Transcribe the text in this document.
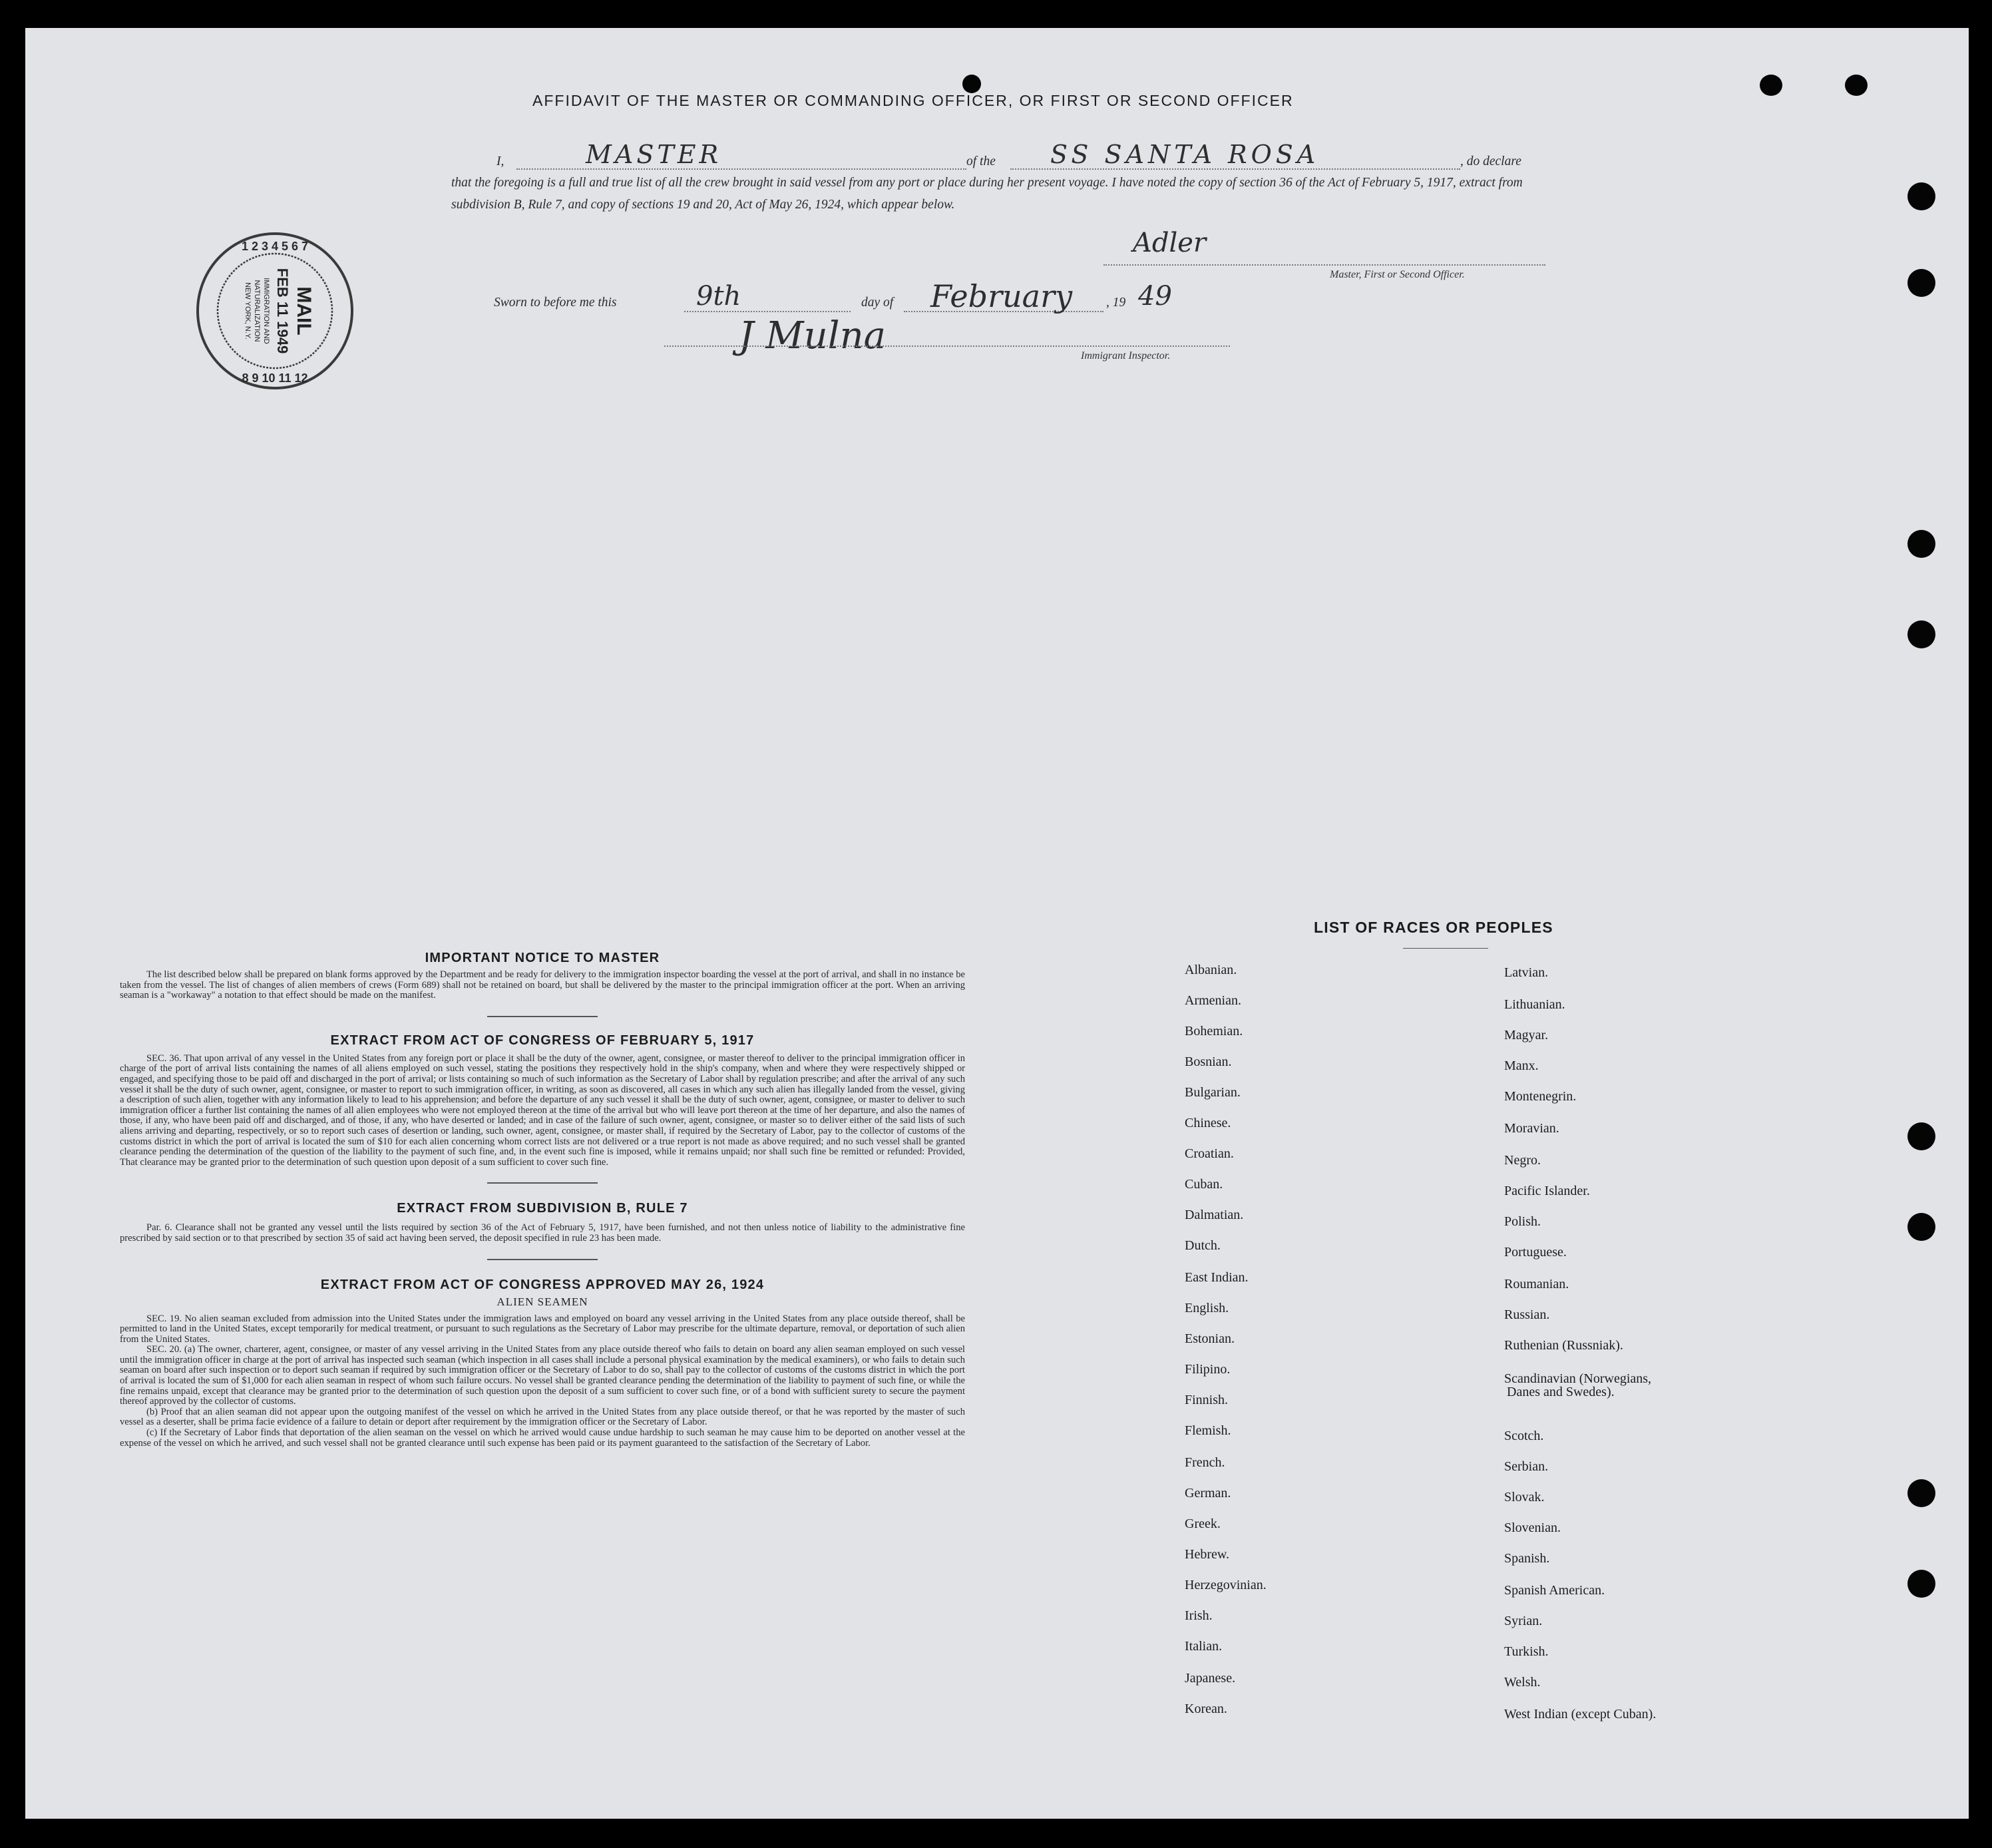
AFFIDAVIT OF THE MASTER OR COMMANDING OFFICER, OR FIRST OR SECOND OFFICER
I,	MASTER	of the SS SANTA ROSA	, do declare
that the foregoing is a full and true list of all the crew brought in said vessel from any port or place during her present voyage. I have noted the copy of section 36 of the Act of February 5, 1917, extract from subdivision B, Rule 7, and copy of sections 19 and 20, Act of May 26, 1924, which appear below.
Adler
Master, First or Second Officer.
Sworn to before me this	9th	day of February	, 19 49
J Mulna	Immigrant Inspector.
1 2 3 4 5 6 7
8 9 10 11 12
MAIL
FEB 11 1949
IMMIGRATION AND
NATURALIZATION
NEW YORK, N.Y.
IMPORTANT NOTICE TO MASTER

The list described below shall be prepared on blank forms approved by the Department and be ready for delivery to the immigration inspector boarding the vessel at the port of arrival, and shall in no instance be taken from the vessel. The list of changes of alien members of crews (Form 689) shall not be retained on board, but shall be delivered by the master to the principal immigration officer at the port. When an arriving seaman is a "workaway" a notation to that effect should be made on the manifest.

EXTRACT FROM ACT OF CONGRESS OF FEBRUARY 5, 1917

SEC. 36. That upon arrival of any vessel in the United States from any foreign port or place it shall be the duty of the owner, agent, consignee, or master thereof to deliver to the principal immigration officer in charge of the port of arrival lists containing the names of all aliens employed on such vessel, stating the positions they respectively hold in the ship's company, when and where they were respectively shipped or engaged, and specifying those to be paid off and discharged in the port of arrival; or lists containing so much of such information as the Secretary of Labor shall by regulation prescribe; and after the arrival of any such vessel it shall be the duty of such owner, agent, consignee, or master to report to such immigration officer, in writing, as soon as discovered, all cases in which any such alien has illegally landed from the vessel, giving a description of such alien, together with any information likely to lead to his apprehension; and before the departure of any such vessel it shall be the duty of such owner, agent, consignee, or master to deliver to such immigration officer a further list containing the names of all alien employees who were not employed thereon at the time of the arrival but who will leave port thereon at the time of her departure, and also the names of those, if any, who have been paid off and discharged, and of those, if any, who have deserted or landed; and in case of the failure of such owner, agent, consignee, or master so to deliver either of the said lists of such aliens arriving and departing, respectively, or so to report such cases of desertion or landing, such owner, agent, consignee, or master shall, if required by the Secretary of Labor, pay to the collector of customs of the customs district in which the port of arrival is located the sum of $10 for each alien concerning whom correct lists are not delivered or a true report is not made as above required; and no such vessel shall be granted clearance pending the determination of the question of the liability to the payment of such fine, and, in the event such fine is imposed, while it remains unpaid; nor shall such fine be remitted or refunded: Provided, That clearance may be granted prior to the determination of such question upon deposit of a sum sufficient to cover such fine.

EXTRACT FROM SUBDIVISION B, RULE 7

Par. 6. Clearance shall not be granted any vessel until the lists required by section 36 of the Act of February 5, 1917, have been furnished, and not then unless notice of liability to the administrative fine prescribed by said section or to that prescribed by section 35 of said act having been served, the deposit specified in rule 23 has been made.

EXTRACT FROM ACT OF CONGRESS APPROVED MAY 26, 1924
ALIEN SEAMEN

SEC. 19. No alien seaman excluded from admission into the United States under the immigration laws and employed on board any vessel arriving in the United States from any place outside thereof, shall be permitted to land in the United States, except temporarily for medical treatment, or pursuant to such regulations as the Secretary of Labor may prescribe for the ultimate departure, removal, or deportation of such alien from the United States.

SEC. 20. (a) The owner, charterer, agent, consignee, or master of any vessel arriving in the United States from any place outside thereof who fails to detain on board any alien seaman employed on such vessel until the immigration officer in charge at the port of arrival has inspected such seaman (which inspection in all cases shall include a personal physical examination by the medical examiners), or who fails to detain such seaman on board after such inspection or to deport such seaman if required by such immigration officer or the Secretary of Labor to do so, shall pay to the collector of customs of the customs district in which the port of arrival is located the sum of $1,000 for each alien seaman in respect of whom such failure occurs. No vessel shall be granted clearance pending the determination of the liability to payment of such fine, or while the fine remains unpaid, except that clearance may be granted prior to the determination of such question upon the deposit of a sum sufficient to cover such fine, or of a bond with sufficient surety to secure the payment thereof approved by the collector of customs.

(b) Proof that an alien seaman did not appear upon the outgoing manifest of the vessel on which he arrived in the United States from any place outside thereof, or that he was reported by the master of such vessel as a deserter, shall be prima facie evidence of a failure to detain or deport after requirement by the immigration officer or the Secretary of Labor.

(c) If the Secretary of Labor finds that deportation of the alien seaman on the vessel on which he arrived would cause undue hardship to such seaman he may cause him to be deported on another vessel at the expense of the vessel on which he arrived, and such vessel shall not be granted clearance until such expense has been paid or its payment guaranteed to the satisfaction of the Secretary of Labor.

LIST OF RACES OR PEOPLES
Albanian.
Armenian.
Bohemian.
Bosnian.
Bulgarian.
Chinese.
Croatian.
Cuban.
Dalmatian.
Dutch.
East Indian.
English.
Estonian.
Filipino.
Finnish.
Flemish.
French.
German.
Greek.
Hebrew.
Herzegovinian.
Irish.
Italian.
Japanese.
Korean.
Latvian.
Lithuanian.
Magyar.
Manx.
Montenegrin.
Moravian.
Negro.
Pacific Islander.
Polish.
Portuguese.
Roumanian.
Russian.
Ruthenian (Russniak).
Scandinavian (Norwegians,
Danes and Swedes).
Scotch.
Serbian.
Slovak.
Slovenian.
Spanish.
Spanish American.
Syrian.
Turkish.
Welsh.
West Indian (except Cuban).
